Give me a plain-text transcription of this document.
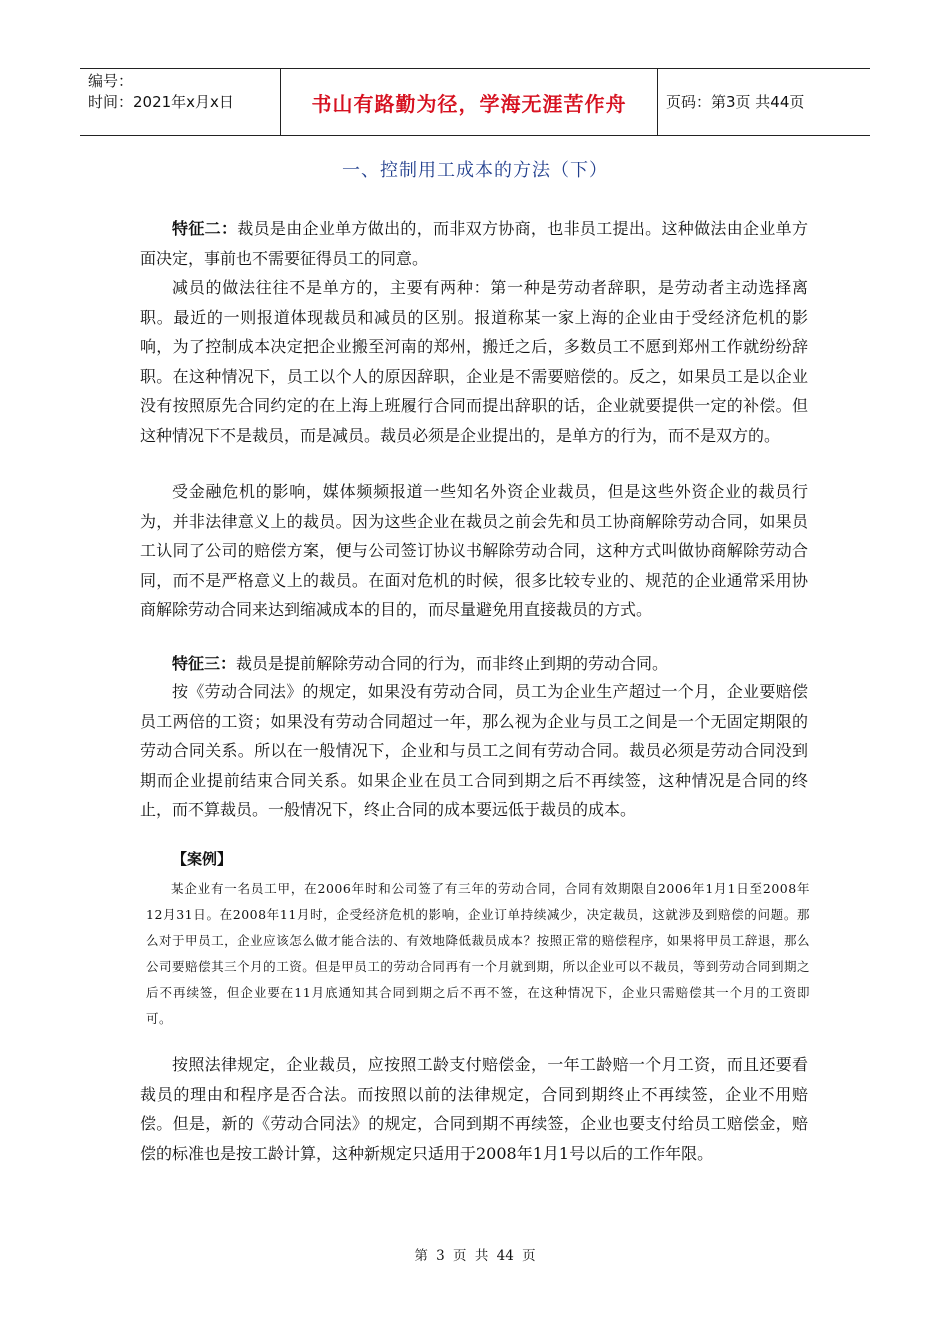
编号：
时间：2021年x月x日	书山有路勤为径，学海无涯苦作舟	页码：第3页 共44页
一、控制用工成本的方法（下）

特征二：裁员是由企业单方做出的，而非双方协商，也非员工提出。这种做法由企业单方面决定，事前也不需要征得员工的同意。

减员的做法往往不是单方的，主要有两种：第一种是劳动者辞职，是劳动者主动选择离职。最近的一则报道体现裁员和减员的区别。报道称某一家上海的企业由于受经济危机的影响，为了控制成本决定把企业搬至河南的郑州，搬迁之后，多数员工不愿到郑州工作就纷纷辞职。在这种情况下，员工以个人的原因辞职，企业是不需要赔偿的。反之，如果员工是以企业没有按照原先合同约定的在上海上班履行合同而提出辞职的话，企业就要提供一定的补偿。但这种情况下不是裁员，而是减员。裁员必须是企业提出的，是单方的行为，而不是双方的。

受金融危机的影响，媒体频频报道一些知名外资企业裁员，但是这些外资企业的裁员行为，并非法律意义上的裁员。因为这些企业在裁员之前会先和员工协商解除劳动合同，如果员工认同了公司的赔偿方案，便与公司签订协议书解除劳动合同，这种方式叫做协商解除劳动合同，而不是严格意义上的裁员。在面对危机的时候，很多比较专业的、规范的企业通常采用协商解除劳动合同来达到缩减成本的目的，而尽量避免用直接裁员的方式。

特征三：裁员是提前解除劳动合同的行为，而非终止到期的劳动合同。

按《劳动合同法》的规定，如果没有劳动合同，员工为企业生产超过一个月，企业要赔偿员工两倍的工资；如果没有劳动合同超过一年，那么视为企业与员工之间是一个无固定期限的劳动合同关系。所以在一般情况下，企业和与员工之间有劳动合同。裁员必须是劳动合同没到期而企业提前结束合同关系。如果企业在员工合同到期之后不再续签，这种情况是合同的终止，而不算裁员。一般情况下，终止合同的成本要远低于裁员的成本。

【案例】

某企业有一名员工甲，在2006年时和公司签了有三年的劳动合同，合同有效期限自2006年1月1日至2008年12月31日。在2008年11月时，企受经济危机的影响，企业订单持续减少，决定裁员，这就涉及到赔偿的问题。那么对于甲员工，企业应该怎么做才能合法的、有效地降低裁员成本？按照正常的赔偿程序，如果将甲员工辞退，那么公司要赔偿其三个月的工资。但是甲员工的劳动合同再有一个月就到期，所以企业可以不裁员，等到劳动合同到期之后不再续签，但企业要在11月底通知其合同到期之后不再不签，在这种情况下，企业只需赔偿其一个月的工资即可。

按照法律规定，企业裁员，应按照工龄支付赔偿金，一年工龄赔一个月工资，而且还要看裁员的理由和程序是否合法。而按照以前的法律规定，合同到期终止不再续签，企业不用赔偿。但是，新的《劳动合同法》的规定，合同到期不再续签，企业也要支付给员工赔偿金，赔偿的标准也是按工龄计算，这种新规定只适用于2008年1月1号以后的工作年限。

第 3 页 共 44 页
